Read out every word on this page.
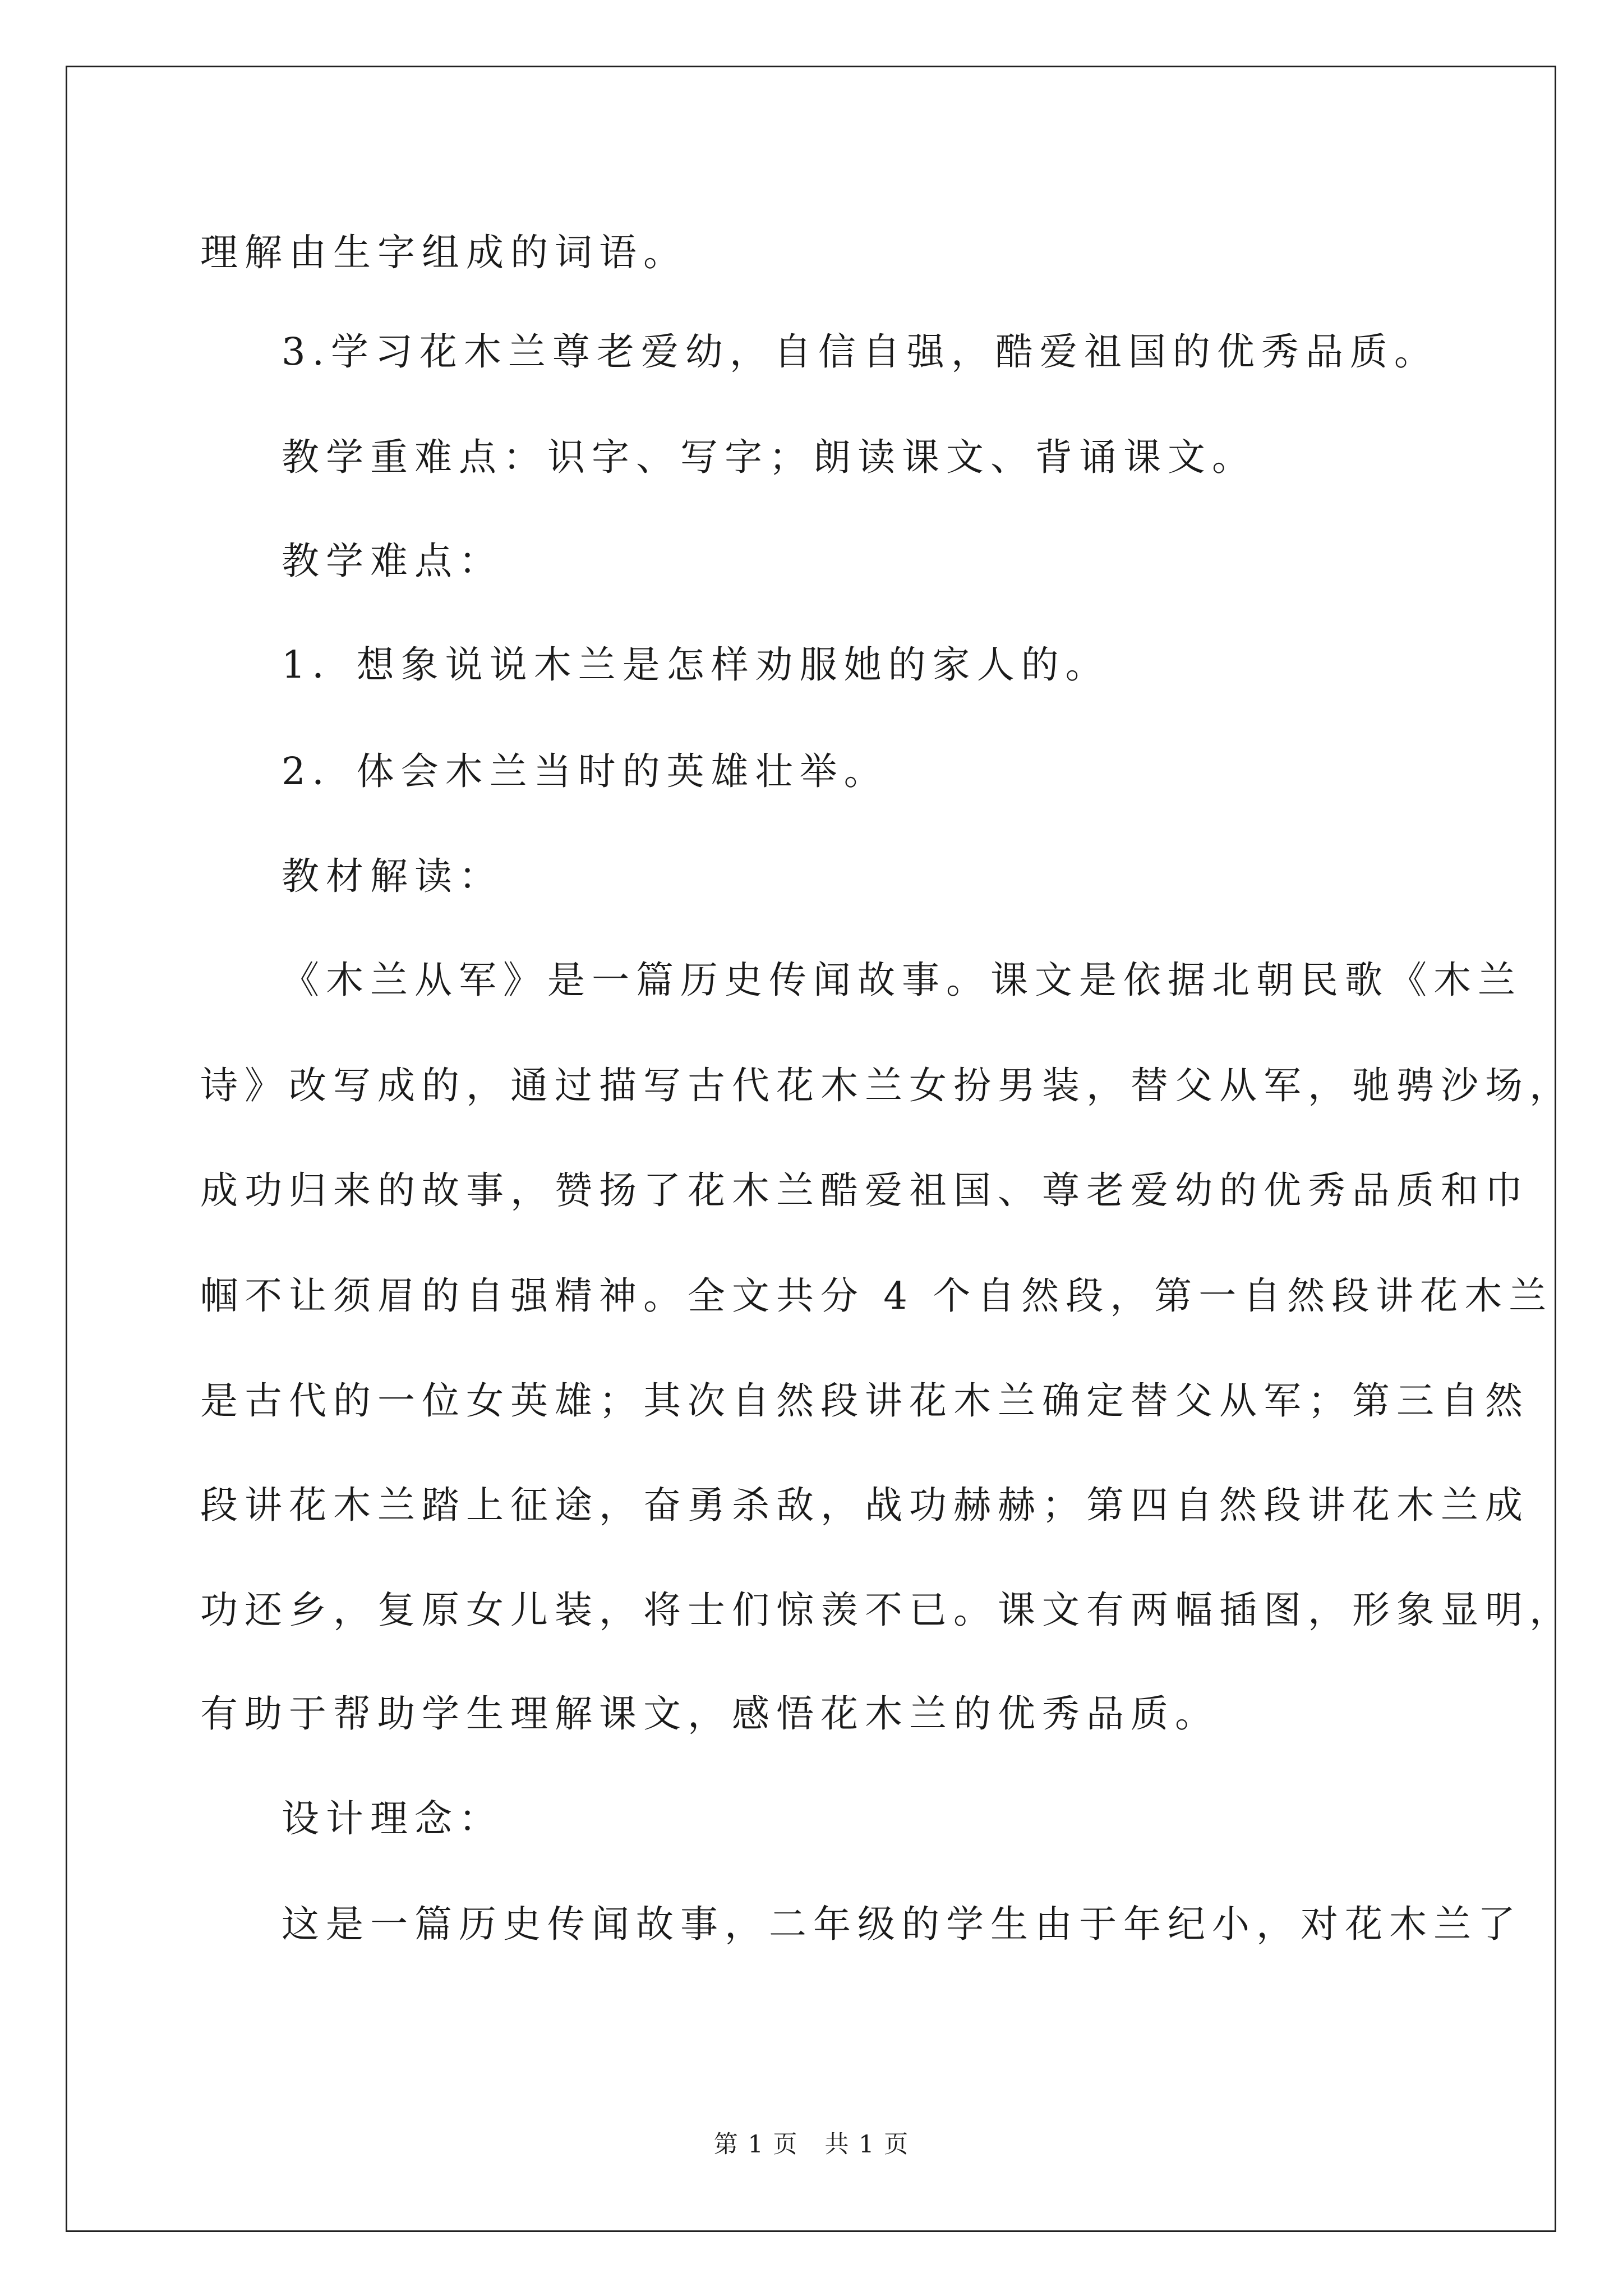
理解由生字组成的词语。
3.学习花木兰尊老爱幼，自信自强，酷爱祖国的优秀品质。
教学重难点：识字、写字；朗读课文、背诵课文。
教学难点：
1．想象说说木兰是怎样劝服她的家人的。
2．体会木兰当时的英雄壮举。
教材解读：
《木兰从军》是一篇历史传闻故事。课文是依据北朝民歌《木兰
诗》改写成的，通过描写古代花木兰女扮男装，替父从军，驰骋沙场，
成功归来的故事，赞扬了花木兰酷爱祖国、尊老爱幼的优秀品质和巾
帼不让须眉的自强精神。全文共分 4 个自然段，第一自然段讲花木兰
是古代的一位女英雄；其次自然段讲花木兰确定替父从军；第三自然
段讲花木兰踏上征途，奋勇杀敌，战功赫赫；第四自然段讲花木兰成
功还乡，复原女儿装，将士们惊羡不已。课文有两幅插图，形象显明，
有助于帮助学生理解课文，感悟花木兰的优秀品质。
设计理念：
这是一篇历史传闻故事，二年级的学生由于年纪小，对花木兰了
第 1 页   共 1 页
